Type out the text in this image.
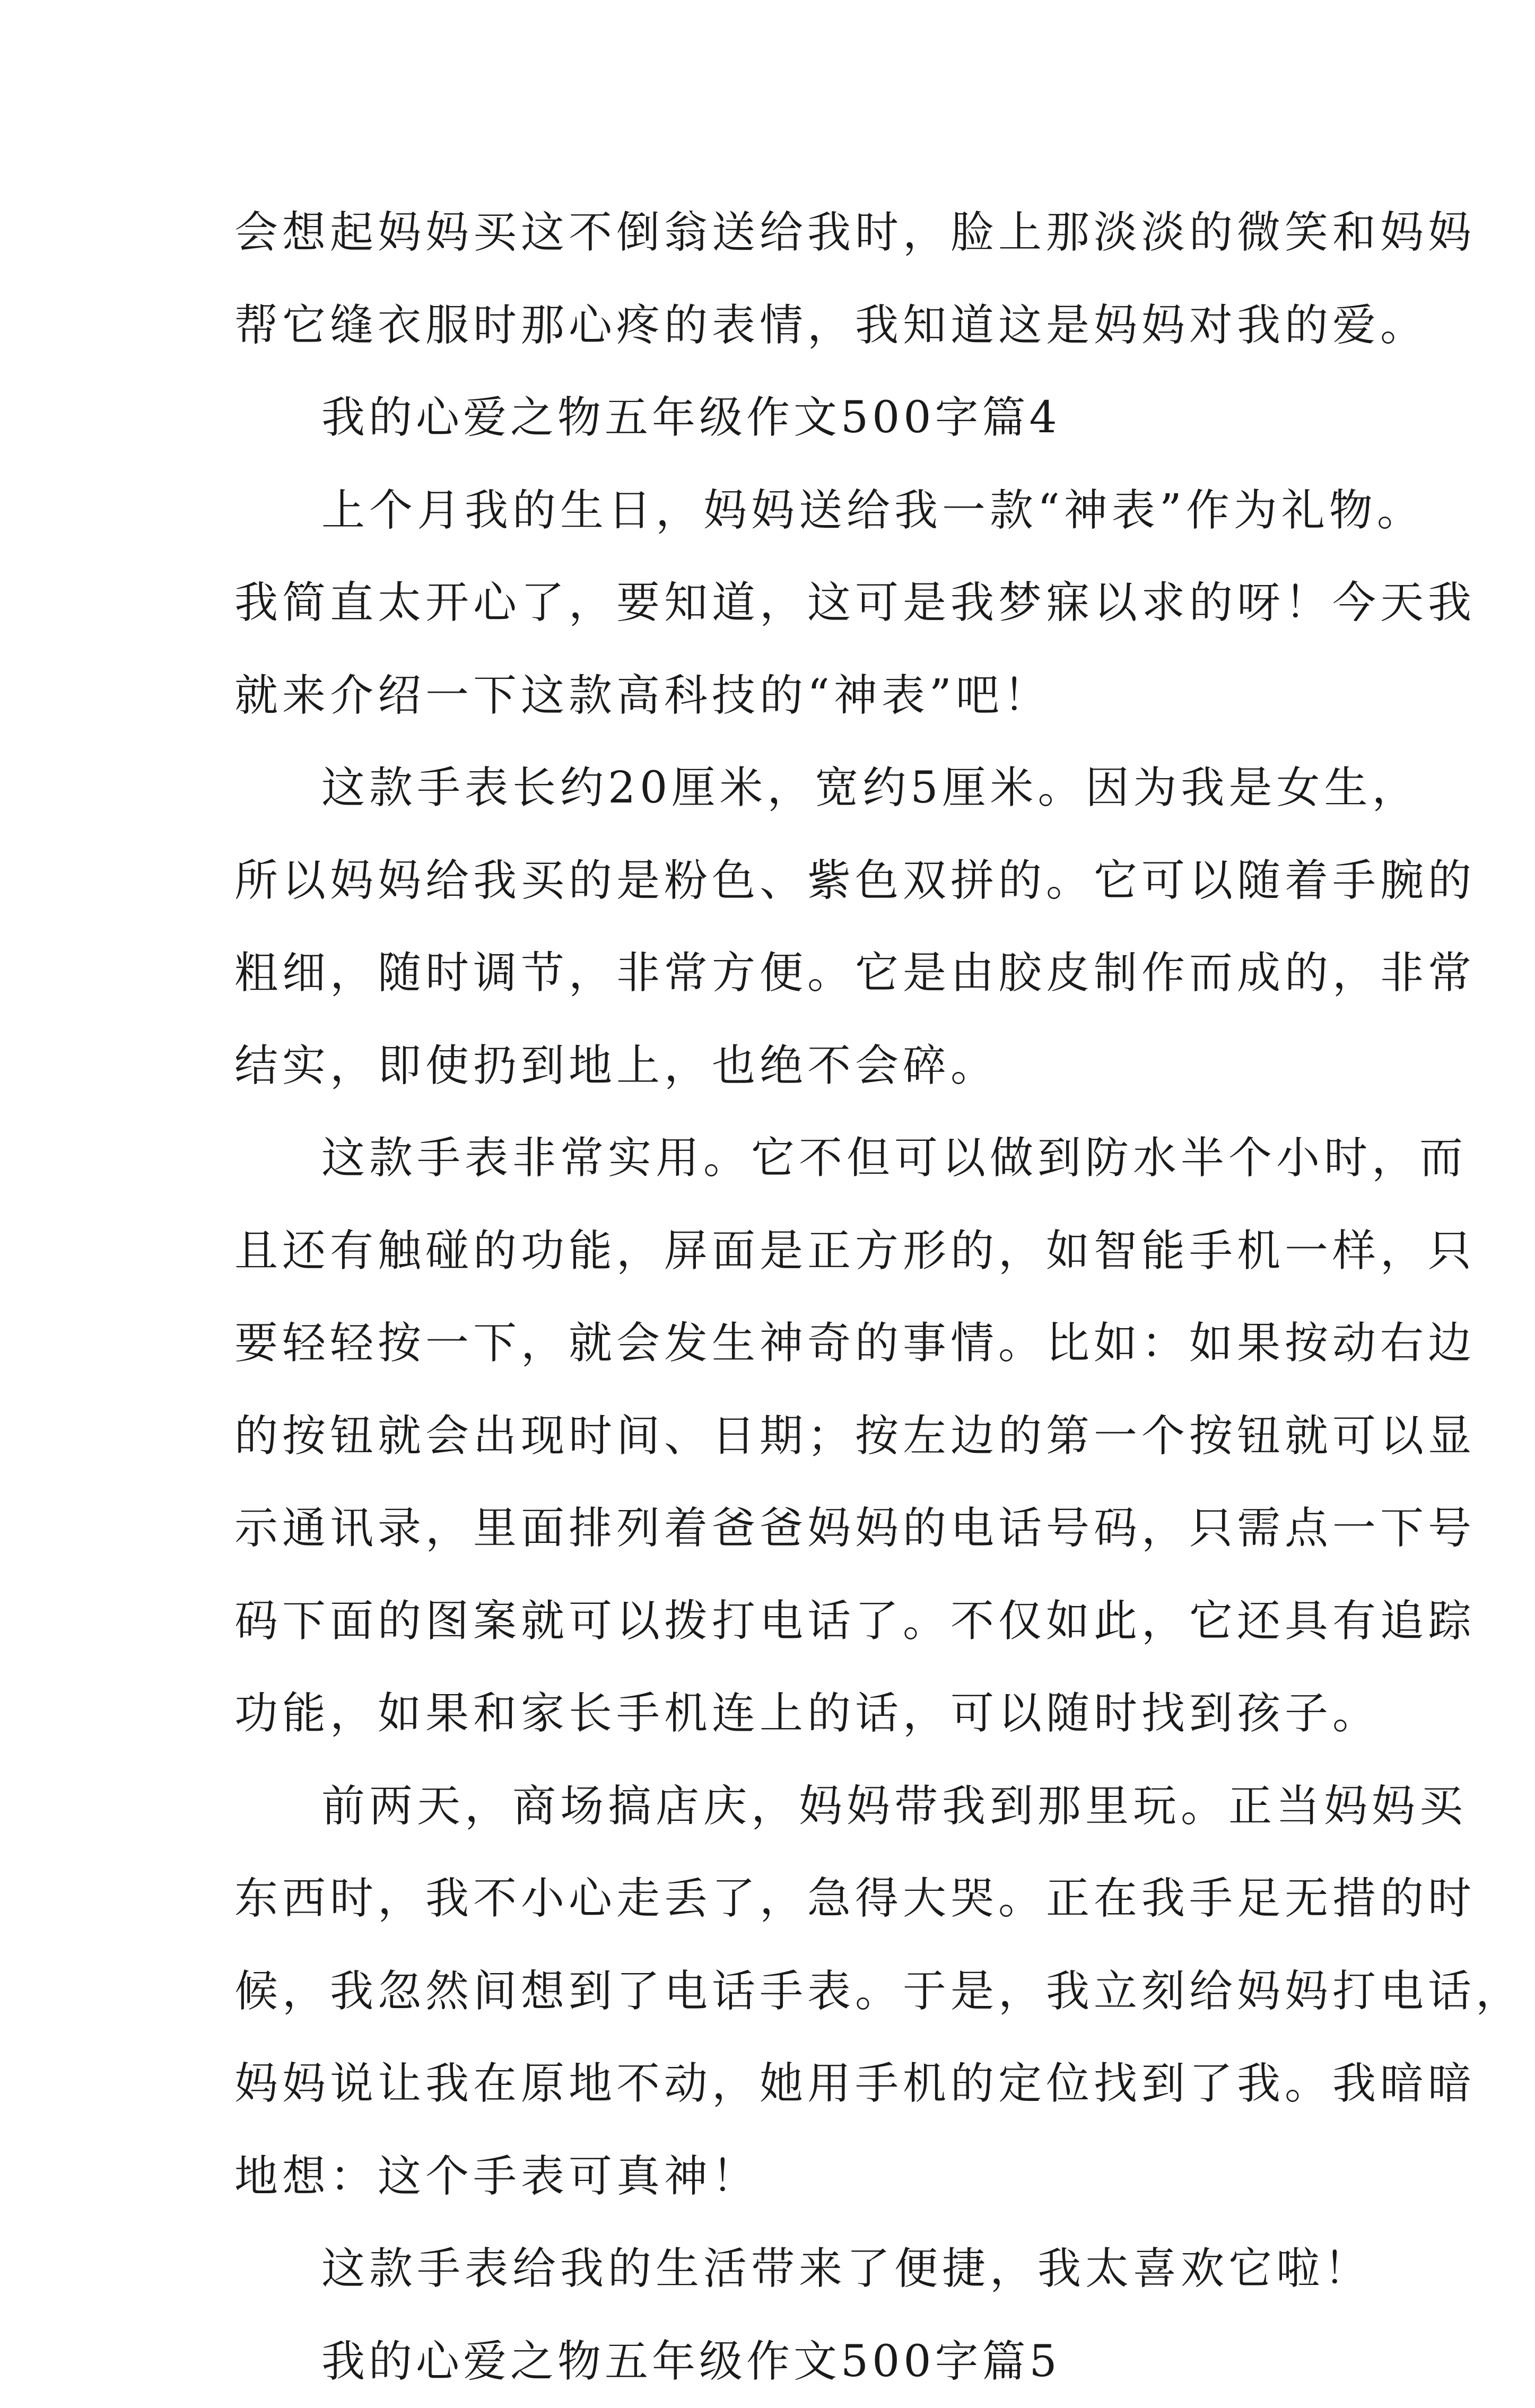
会想起妈妈买这不倒翁送给我时，脸上那淡淡的微笑和妈妈
帮它缝衣服时那心疼的表情，我知道这是妈妈对我的爱。
我的心爱之物五年级作文500字篇4
上个月我的生日，妈妈送给我一款“神表”作为礼物。
我简直太开心了，要知道，这可是我梦寐以求的呀！今天我
就来介绍一下这款高科技的“神表”吧！
这款手表长约20厘米，宽约5厘米。因为我是女生，
所以妈妈给我买的是粉色、紫色双拼的。它可以随着手腕的
粗细，随时调节，非常方便。它是由胶皮制作而成的，非常
结实，即使扔到地上，也绝不会碎。
这款手表非常实用。它不但可以做到防水半个小时，而
且还有触碰的功能，屏面是正方形的，如智能手机一样，只
要轻轻按一下，就会发生神奇的事情。比如：如果按动右边
的按钮就会出现时间、日期；按左边的第一个按钮就可以显
示通讯录，里面排列着爸爸妈妈的电话号码，只需点一下号
码下面的图案就可以拨打电话了。不仅如此，它还具有追踪
功能，如果和家长手机连上的话，可以随时找到孩子。
前两天，商场搞店庆，妈妈带我到那里玩。正当妈妈买
东西时，我不小心走丢了，急得大哭。正在我手足无措的时
候，我忽然间想到了电话手表。于是，我立刻给妈妈打电话，
妈妈说让我在原地不动，她用手机的定位找到了我。我暗暗
地想：这个手表可真神！
这款手表给我的生活带来了便捷，我太喜欢它啦！
我的心爱之物五年级作文500字篇5
